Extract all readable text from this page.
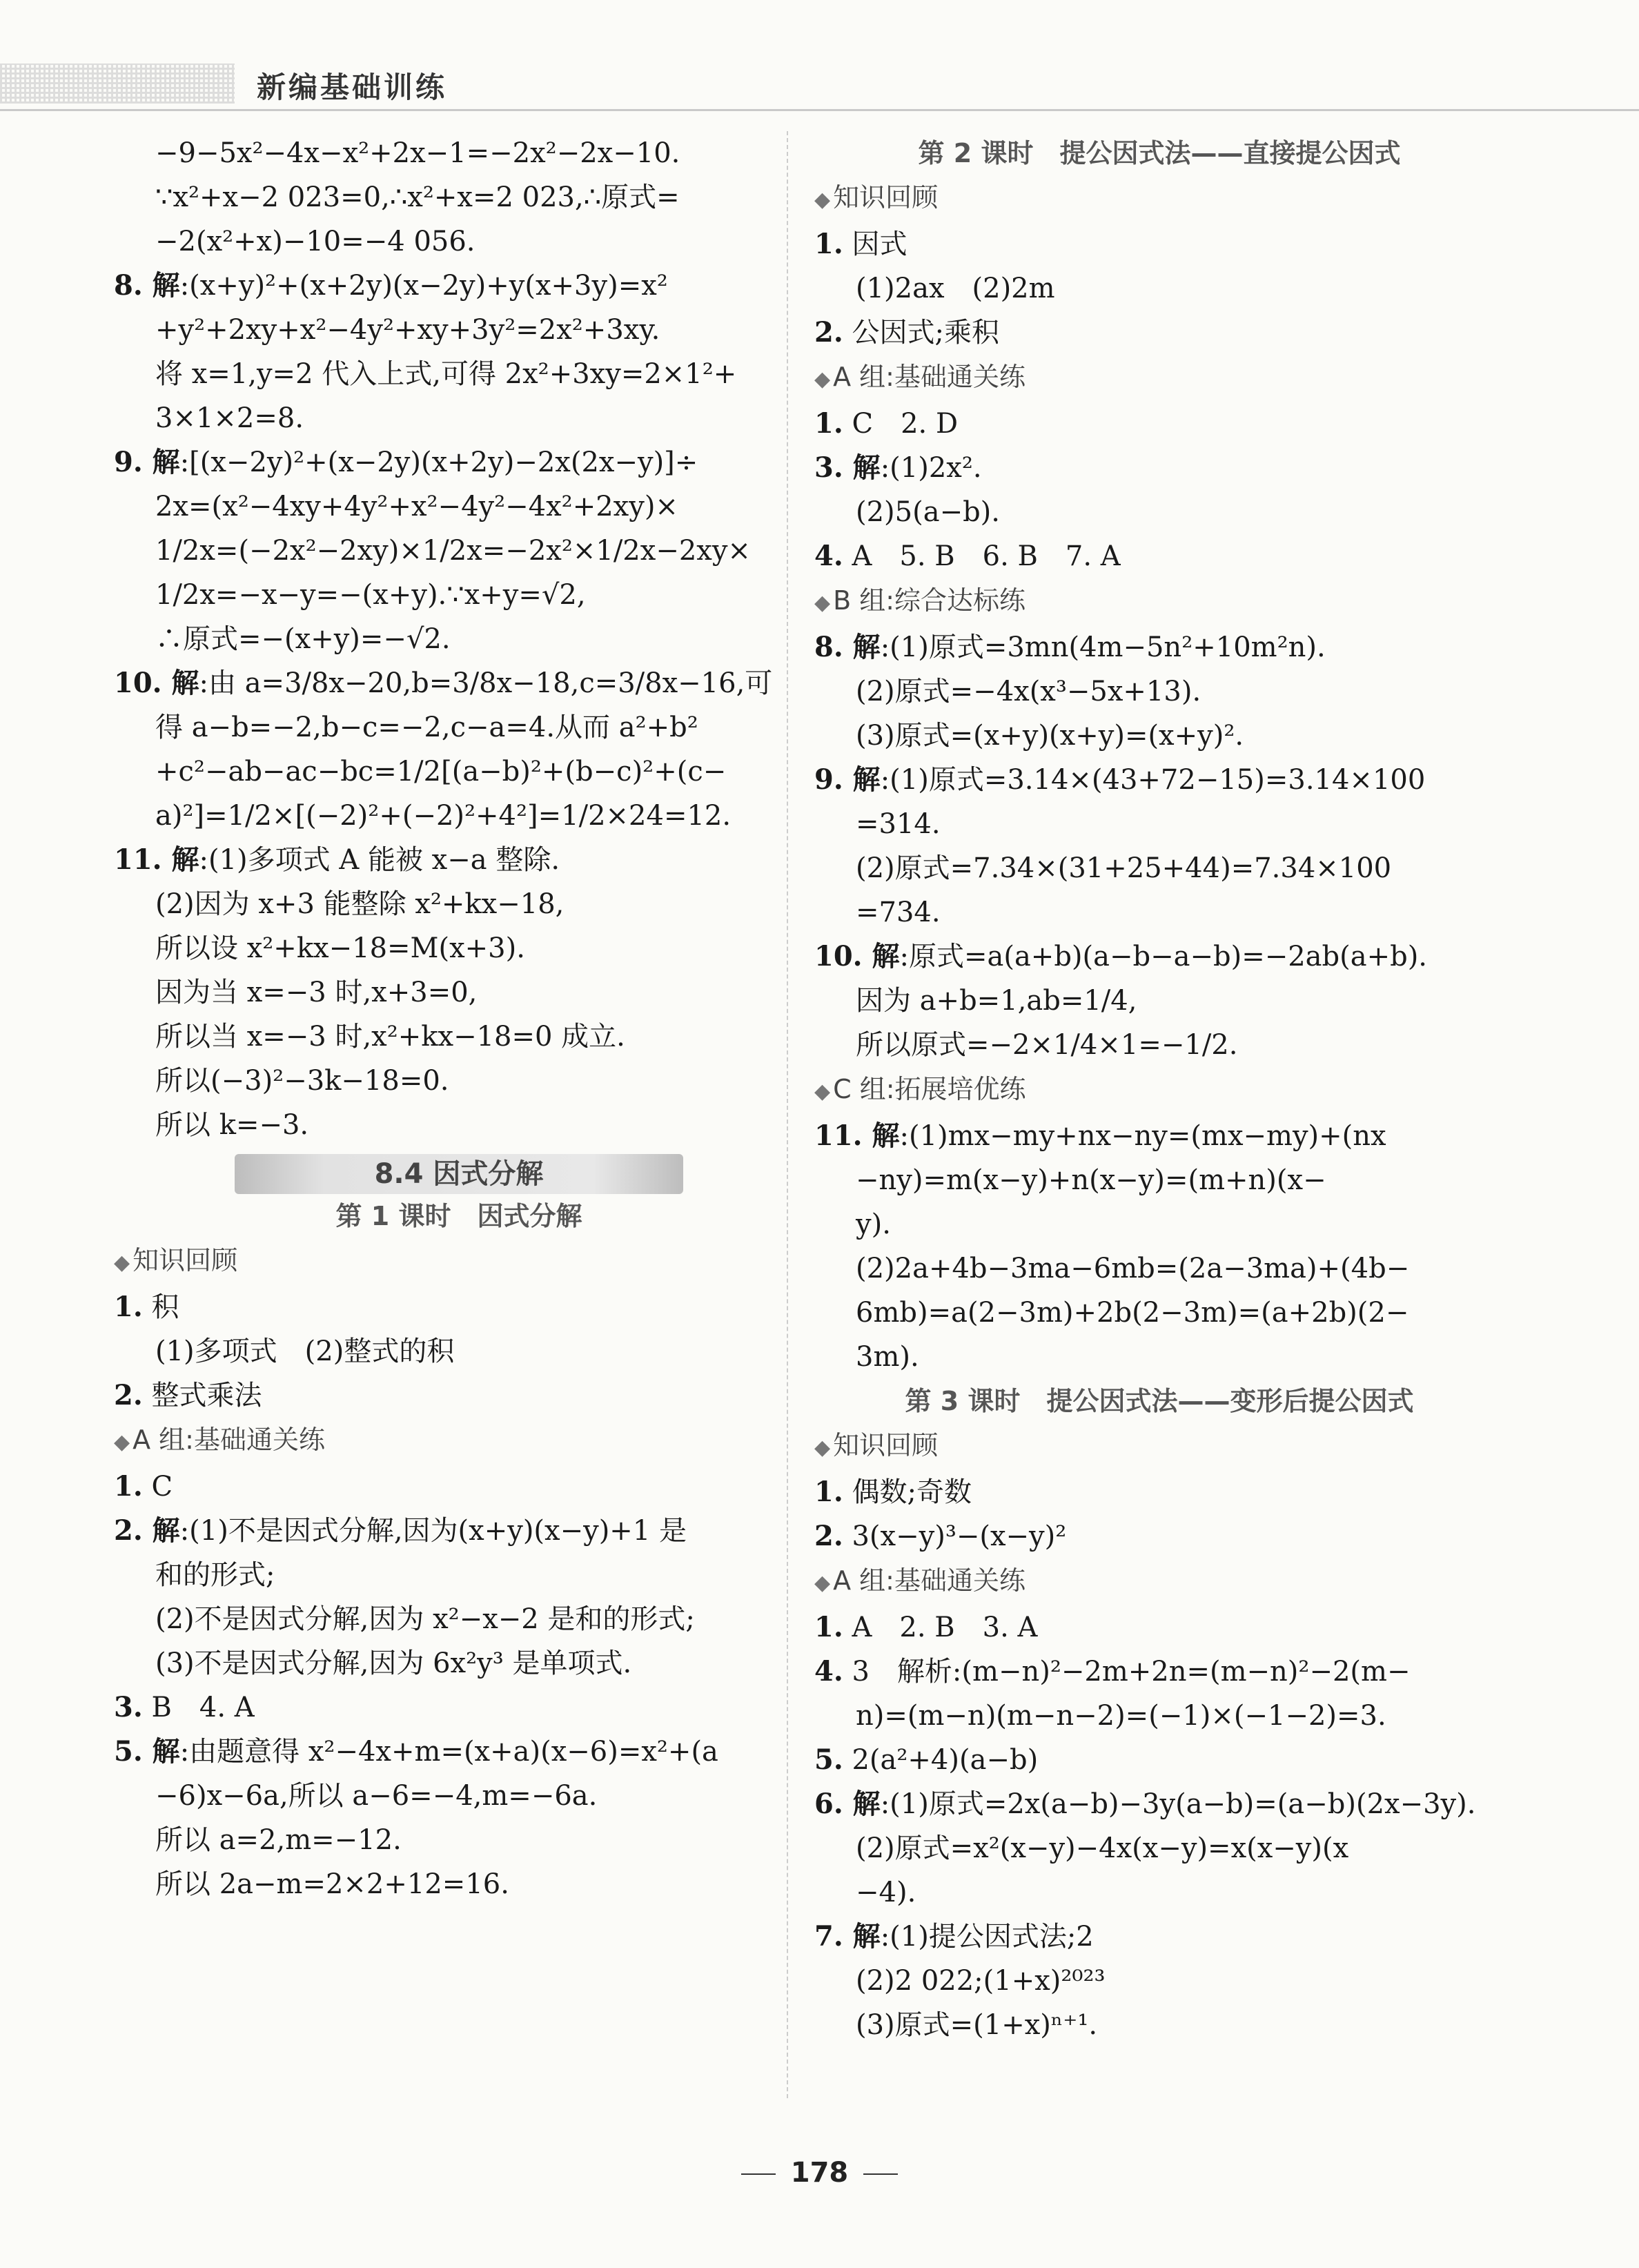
新编基础训练
−9−5x²−4x−x²+2x−1=−2x²−2x−10.
∵x²+x−2 023=0,∴x²+x=2 023,∴原式=
−2(x²+x)−10=−4 056.
8. 解:(x+y)²+(x+2y)(x−2y)+y(x+3y)=x²
+y²+2xy+x²−4y²+xy+3y²=2x²+3xy.
将 x=1,y=2 代入上式,可得 2x²+3xy=2×1²+
3×1×2=8.
9. 解:[(x−2y)²+(x−2y)(x+2y)−2x(2x−y)]÷
2x=(x²−4xy+4y²+x²−4y²−4x²+2xy)×
1/2x=(−2x²−2xy)×1/2x=−2x²×1/2x−2xy×
1/2x=−x−y=−(x+y).∵x+y=√2,
∴原式=−(x+y)=−√2.
10. 解:由 a=3/8x−20,b=3/8x−18,c=3/8x−16,可
得 a−b=−2,b−c=−2,c−a=4.从而 a²+b²
+c²−ab−ac−bc=1/2[(a−b)²+(b−c)²+(c−
a)²]=1/2×[(−2)²+(−2)²+4²]=1/2×24=12.
11. 解:(1)多项式 A 能被 x−a 整除.
(2)因为 x+3 能整除 x²+kx−18,
所以设 x²+kx−18=M(x+3).
因为当 x=−3 时,x+3=0,
所以当 x=−3 时,x²+kx−18=0 成立.
所以(−3)²−3k−18=0.
所以 k=−3.
8.4 因式分解
第 1 课时　因式分解
◆ 知识回顾
1. 积
(1)多项式　(2)整式的积
2. 整式乘法
◆ A 组:基础通关练
1. C
2. 解:(1)不是因式分解,因为(x+y)(x−y)+1 是
和的形式;
(2)不是因式分解,因为 x²−x−2 是和的形式;
(3)不是因式分解,因为 6x²y³ 是单项式.
3. B　4. A
5. 解:由题意得 x²−4x+m=(x+a)(x−6)=x²+(a
−6)x−6a,所以 a−6=−4,m=−6a.
所以 a=2,m=−12.
所以 2a−m=2×2+12=16.
第 2 课时　提公因式法——直接提公因式
◆ 知识回顾
1. 因式
(1)2ax　(2)2m
2. 公因式;乘积
◆ A 组:基础通关练
1. C　2. D
3. 解:(1)2x².
(2)5(a−b).
4. A　5. B　6. B　7. A
◆ B 组:综合达标练
8. 解:(1)原式=3mn(4m−5n²+10m²n).
(2)原式=−4x(x³−5x+13).
(3)原式=(x+y)(x+y)=(x+y)².
9. 解:(1)原式=3.14×(43+72−15)=3.14×100
=314.
(2)原式=7.34×(31+25+44)=7.34×100
=734.
10. 解:原式=a(a+b)(a−b−a−b)=−2ab(a+b).
因为 a+b=1,ab=1/4,
所以原式=−2×1/4×1=−1/2.
◆ C 组:拓展培优练
11. 解:(1)mx−my+nx−ny=(mx−my)+(nx
−ny)=m(x−y)+n(x−y)=(m+n)(x−
y).
(2)2a+4b−3ma−6mb=(2a−3ma)+(4b−
6mb)=a(2−3m)+2b(2−3m)=(a+2b)(2−
3m).
第 3 课时　提公因式法——变形后提公因式
◆ 知识回顾
1. 偶数;奇数
2. 3(x−y)³−(x−y)²
◆ A 组:基础通关练
1. A　2. B　3. A
4. 3　解析:(m−n)²−2m+2n=(m−n)²−2(m−
n)=(m−n)(m−n−2)=(−1)×(−1−2)=3.
5. 2(a²+4)(a−b)
6. 解:(1)原式=2x(a−b)−3y(a−b)=(a−b)(2x−3y).
(2)原式=x²(x−y)−4x(x−y)=x(x−y)(x
−4).
7. 解:(1)提公因式法;2
(2)2 022;(1+x)²⁰²³
(3)原式=(1+x)ⁿ⁺¹.
178
